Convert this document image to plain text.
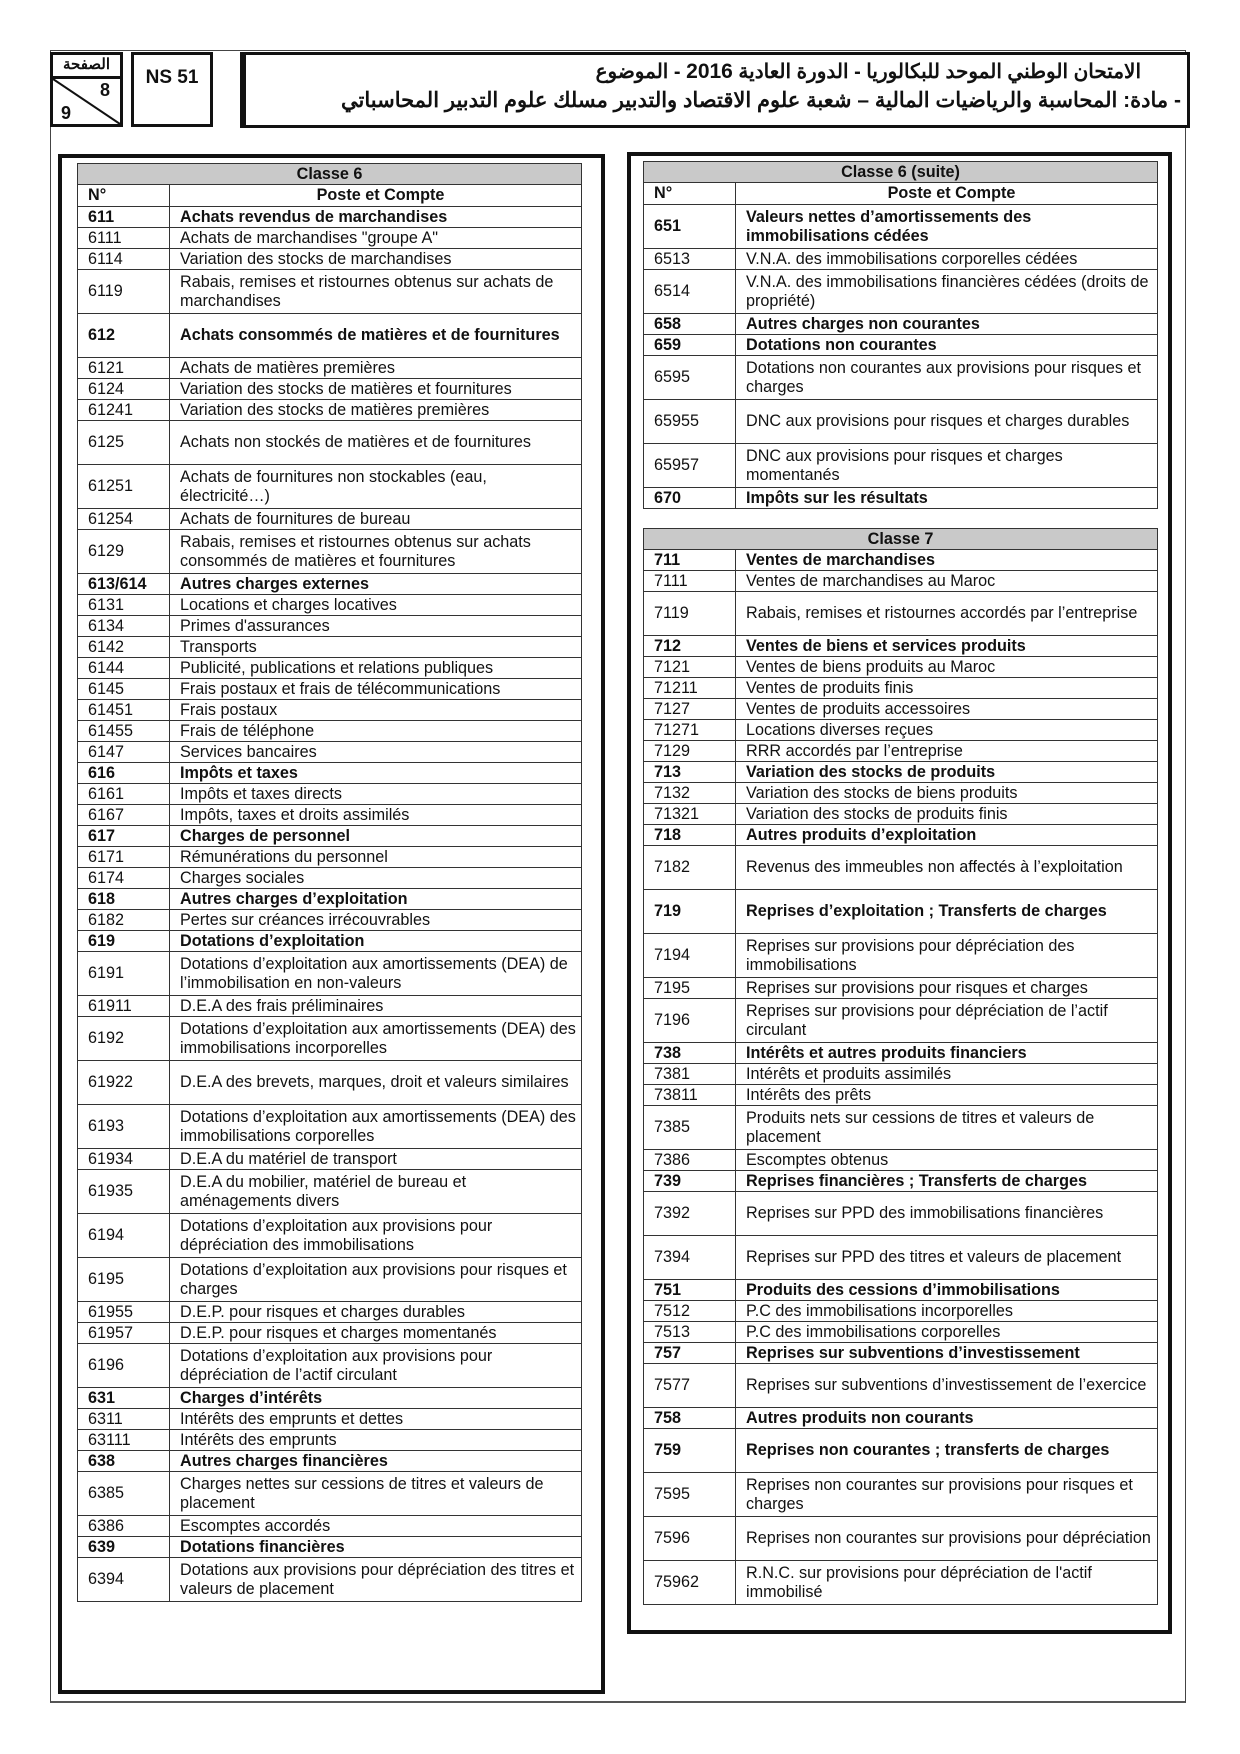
الصفحة
8
9
NS 51	الامتحان الوطني الموحد للبكالوريا - الدورة العادية 2016 - الموضوع
- مادة: المحاسبة والرياضيات المالية – شعبة علوم الاقتصاد والتدبير مسلك علوم التدبير المحاسباتي
Classe 6	
N°	Poste et Compte
611	Achats revendus de marchandises
6111	Achats de marchandises "groupe A"
6114	Variation des stocks de marchandises
6119	Rabais, remises et ristournes obtenus sur achats de marchandises
612	Achats consommés de matières et de fournitures
6121	Achats de matières premières
6124	Variation des stocks de matières et fournitures
61241	Variation des stocks de matières premières
6125	Achats non stockés de matières et de fournitures
61251	Achats de fournitures non stockables (eau, électricité…)
61254	Achats de fournitures de bureau
6129	Rabais, remises et ristournes obtenus sur achats consommés de matières et fournitures
613/614	Autres charges externes
6131	Locations et charges locatives
6134	Primes d'assurances
6142	Transports
6144	Publicité, publications et relations publiques
6145	Frais postaux et frais de télécommunications
61451	Frais postaux
61455	Frais de téléphone
6147	Services bancaires
616	Impôts et taxes
6161	Impôts et taxes directs
6167	Impôts, taxes et droits assimilés
617	Charges de personnel
6171	Rémunérations du personnel
6174	Charges sociales
618	Autres charges d’exploitation
6182	Pertes sur créances irrécouvrables
619	Dotations d’exploitation
6191	Dotations d’exploitation aux amortissements (DEA) de l’immobilisation en non-valeurs
61911	D.E.A des frais préliminaires
6192	Dotations d’exploitation aux amortissements (DEA) des immobilisations incorporelles
61922	D.E.A des brevets, marques, droit et valeurs similaires
6193	Dotations d’exploitation aux amortissements (DEA) des immobilisations corporelles
61934	D.E.A du matériel de transport
61935	D.E.A du mobilier, matériel de bureau et aménagements divers
6194	Dotations d’exploitation aux provisions pour dépréciation des immobilisations
6195	Dotations d’exploitation aux provisions pour risques et charges
61955	D.E.P. pour risques et charges durables
61957	D.E.P. pour risques et charges momentanés
6196	Dotations d’exploitation aux provisions pour dépréciation de l’actif circulant
631	Charges d’intérêts
6311	Intérêts des emprunts et dettes
63111	Intérêts des emprunts
638	Autres charges financières
6385	Charges nettes sur cessions de titres et valeurs de placement
6386	Escomptes accordés
639	Dotations financières
6394	Dotations aux provisions pour dépréciation des titres et valeurs de placement
Classe 6 (suite)	
N°	Poste et Compte
651	Valeurs nettes d’amortissements des immobilisations cédées
6513	V.N.A. des immobilisations corporelles cédées
6514	V.N.A. des immobilisations financières cédées (droits de propriété)
658	Autres charges non courantes
659	Dotations non courantes
6595	Dotations non courantes aux provisions pour risques et charges
65955	DNC aux provisions pour risques et charges durables
65957	DNC aux provisions pour risques et charges momentanés
670	Impôts sur les résultats
Classe 7	
711	Ventes de marchandises
7111	Ventes de marchandises au Maroc
7119	Rabais, remises et ristournes accordés par l’entreprise
712	Ventes de biens et services produits
7121	Ventes de biens produits au Maroc
71211	Ventes de produits finis
7127	Ventes de produits accessoires
71271	Locations diverses reçues
7129	RRR accordés par l’entreprise
713	Variation des stocks de produits
7132	Variation des stocks de biens produits
71321	Variation des stocks de produits finis
718	Autres produits d’exploitation
7182	Revenus des immeubles non affectés à l’exploitation
719	Reprises d’exploitation ; Transferts de charges
7194	Reprises sur provisions pour dépréciation des immobilisations
7195	Reprises sur provisions pour risques et charges
7196	Reprises sur provisions pour dépréciation de l’actif circulant
738	Intérêts et autres produits financiers
7381	Intérêts et produits assimilés
73811	Intérêts des prêts
7385	Produits nets sur cessions de titres et valeurs de placement
7386	Escomptes obtenus
739	Reprises financières ; Transferts de charges
7392	Reprises sur PPD des immobilisations financières
7394	Reprises sur PPD des titres et valeurs de placement
751	Produits des cessions d’immobilisations
7512	P.C des immobilisations incorporelles
7513	P.C des immobilisations corporelles
757	Reprises sur subventions d’investissement
7577	Reprises sur subventions d’investissement de l’exercice
758	Autres produits non courants
759	Reprises non courantes ; transferts de charges
7595	Reprises non courantes sur provisions pour risques et charges
7596	Reprises non courantes sur provisions pour dépréciation
75962	R.N.C. sur provisions pour dépréciation de l'actif immobilisé
